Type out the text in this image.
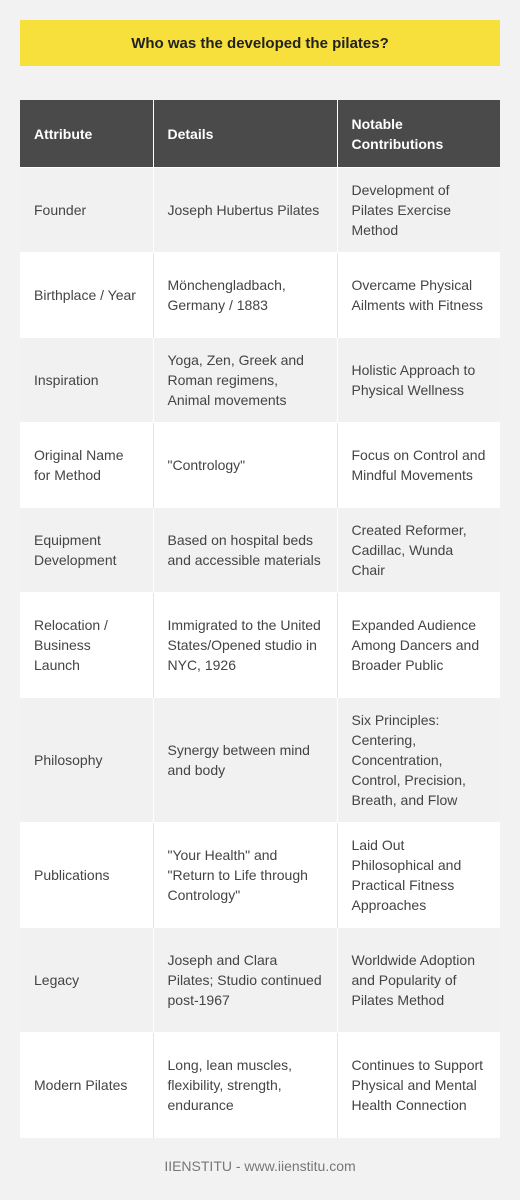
Who was the developed the pilates?
Attribute	Details	Notable Contributions
Founder	Joseph Hubertus Pilates	Development of Pilates Exercise Method
Birthplace / Year	Mönchengladbach, Germany / 1883	Overcame Physical Ailments with Fitness
Inspiration	Yoga, Zen, Greek and Roman regimens, Animal movements	Holistic Approach to Physical Wellness
Original Name for Method	"Contrology"	Focus on Control and Mindful Movements
Equipment Development	Based on hospital beds and accessible materials	Created Reformer, Cadillac, Wunda Chair
Relocation / Business Launch	Immigrated to the United States/Opened studio in NYC, 1926	Expanded Audience Among Dancers and Broader Public
Philosophy	Synergy between mind and body	Six Principles: Centering, Concentration, Control, Precision, Breath, and Flow
Publications	"Your Health" and "Return to Life through Contrology"	Laid Out Philosophical and Practical Fitness Approaches
Legacy	Joseph and Clara Pilates; Studio continued post-1967	Worldwide Adoption and Popularity of Pilates Method
Modern Pilates	Long, lean muscles, flexibility, strength, endurance	Continues to Support Physical and Mental Health Connection
IIENSTITU - www.iienstitu.com
